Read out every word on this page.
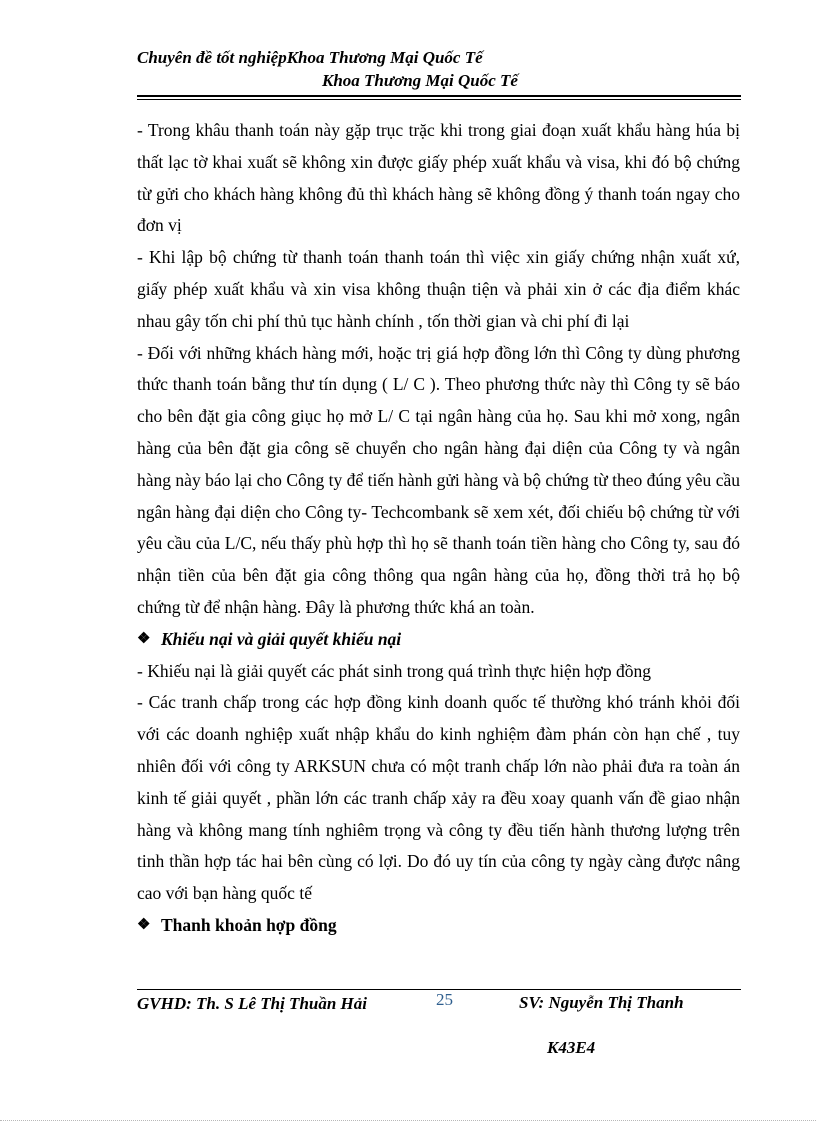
Chuyên đề tốt nghiệpKhoa Thương Mại Quốc Tế
Khoa Thương Mại Quốc Tế

- Trong khâu thanh toán này gặp trục trặc khi trong giai đoạn xuất khẩu hàng húa bị thất lạc tờ khai xuất sẽ không xin được giấy phép xuất khẩu và visa, khi đó bộ chứng từ gửi cho khách hàng không đủ thì khách hàng sẽ không đồng ý thanh toán ngay cho đơn vị

- Khi lập bộ chứng từ thanh toán thanh toán thì việc xin giấy chứng nhận xuất xứ, giấy phép xuất khẩu và xin visa không thuận tiện và phải xin ở các địa điểm khác nhau gây tốn chi phí thủ tục hành chính , tốn thời gian và chi phí đi lại

- Đối với những khách hàng mới, hoặc trị giá hợp đồng lớn thì Công ty dùng phương thức thanh toán bằng thư tín dụng ( L/ C ). Theo phương thức này thì Công ty sẽ báo cho bên đặt gia công giục họ mở L/ C tại ngân hàng của họ. Sau khi mở xong, ngân hàng của bên đặt gia công sẽ chuyển cho ngân hàng đại diện của Công ty và ngân hàng này báo lại cho Công ty để tiến hành gửi hàng và bộ chứng từ theo đúng yêu cầu ngân hàng đại diện cho Công ty- Techcombank sẽ xem xét, đối chiếu bộ chứng từ với yêu cầu của L/C, nếu thấy phù hợp thì họ sẽ thanh toán tiền hàng cho Công ty, sau đó nhận tiền của bên đặt gia công thông qua ngân hàng của họ, đồng thời trả họ bộ chứng từ để nhận hàng. Đây là phương thức khá an toàn.

❖ Khiếu nại và giải quyết khiếu nại

- Khiếu nại là giải quyết các phát sinh trong quá trình thực hiện hợp đồng

- Các tranh chấp trong các hợp đồng kinh doanh quốc tế thường khó tránh khỏi đối với các doanh nghiệp xuất nhập khẩu do kinh nghiệm đàm phán còn hạn chế , tuy nhiên đối với công ty ARKSUN chưa có một tranh chấp lớn nào phải đưa ra toàn án kinh tế giải quyết , phần lớn các tranh chấp xảy ra đều xoay quanh vấn đề giao nhận hàng và không mang tính nghiêm trọng và công ty đều tiến hành thương lượng trên tinh thần hợp tác hai bên cùng có lợi. Do đó uy tín của công ty ngày càng được nâng cao với bạn hàng quốc tế

❖ Thanh khoản hợp đồng
GVHD: Th. S Lê Thị Thuần Hải	25	SV: Nguyễn Thị Thanh
K43E4
